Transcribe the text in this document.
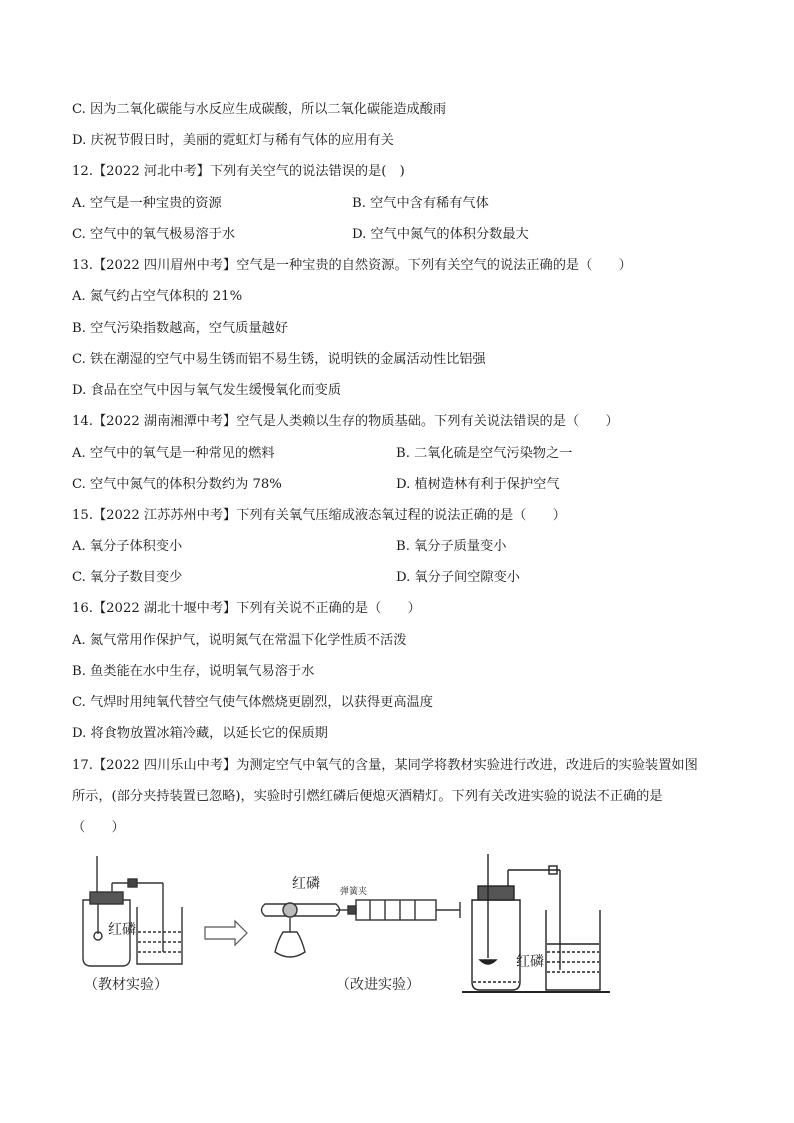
C. 因为二氧化碳能与水反应生成碳酸，所以二氧化碳能造成酸雨
D. 庆祝节假日时，美丽的霓虹灯与稀有气体的应用有关
12.【2022 河北中考】下列有关空气的说法错误的是(　)
A. 空气是一种宝贵的资源	B. 空气中含有稀有气体
C. 空气中的氧气极易溶于水	D. 空气中氮气的体积分数最大
13.【2022 四川眉州中考】空气是一种宝贵的自然资源。下列有关空气的说法正确的是（　　）
A. 氮气约占空气体积的 21%
B. 空气污染指数越高，空气质量越好
C. 铁在潮湿的空气中易生锈而铝不易生锈，说明铁的金属活动性比铝强
D. 食品在空气中因与氧气发生缓慢氧化而变质
14.【2022 湖南湘潭中考】空气是人类赖以生存的物质基础。下列有关说法错误的是（　　）
A. 空气中的氧气是一种常见的燃料	B. 二氧化硫是空气污染物之一
C. 空气中氮气的体积分数约为 78%	D. 植树造林有利于保护空气
15.【2022 江苏苏州中考】下列有关氧气压缩成液态氧过程的说法正确的是（　　）
A. 氧分子体积变小	B. 氧分子质量变小
C. 氧分子数目变少	D. 氧分子间空隙变小
16.【2022 湖北十堰中考】下列有关说不正确的是（　　）
A. 氮气常用作保护气，说明氮气在常温下化学性质不活泼
B. 鱼类能在水中生存，说明氧气易溶于水
C. 气焊时用纯氧代替空气使气体燃烧更剧烈，以获得更高温度
D. 将食物放置冰箱冷藏，以延长它的保质期
17.【2022 四川乐山中考】为测定空气中氧气的含量，某同学将教材实验进行改进，改进后的实验装置如图
所示，(部分夹持装置已忽略)，实验时引燃红磷后便熄灭酒精灯。下列有关改进实验的说法不正确的是
（　　）
红磷
（教材实验）
红磷 弹簧夹
（改进实验）
红磷
